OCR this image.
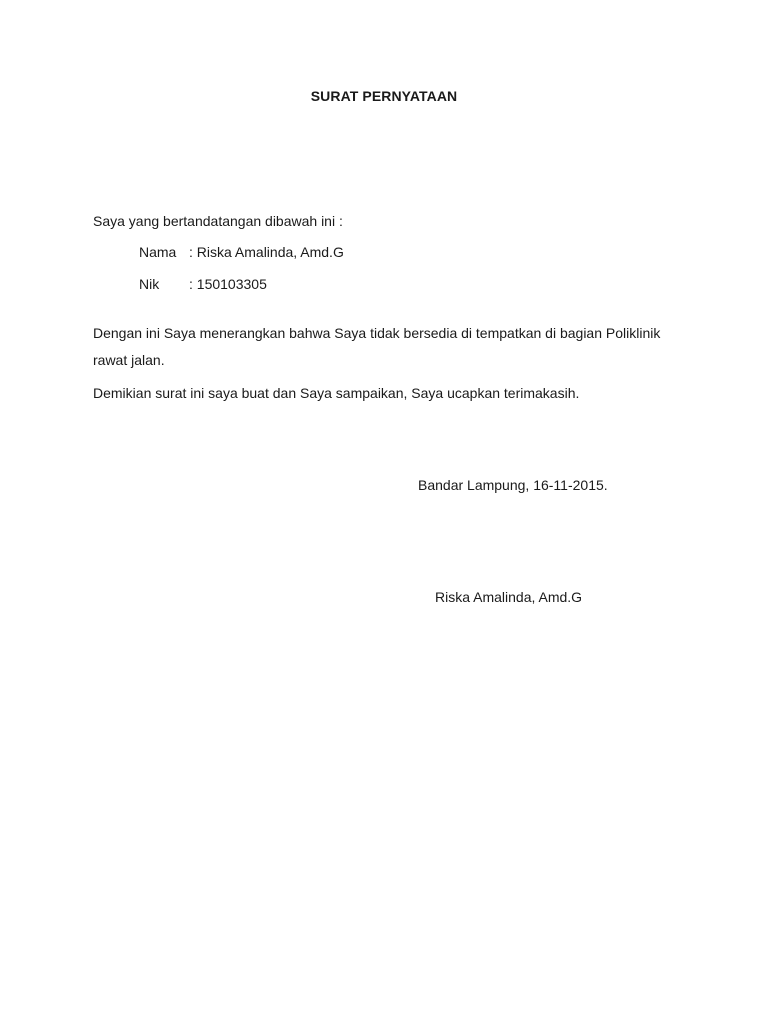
SURAT PERNYATAAN
Saya yang bertandatangan dibawah ini :
Nama : Riska Amalinda, Amd.G
Nik : 150103305
Dengan ini Saya menerangkan bahwa Saya tidak bersedia di tempatkan di bagian Poliklinik rawat jalan.
Demikian surat ini saya buat dan Saya sampaikan, Saya ucapkan terimakasih.
Bandar Lampung, 16-11-2015.
Riska Amalinda, Amd.G
